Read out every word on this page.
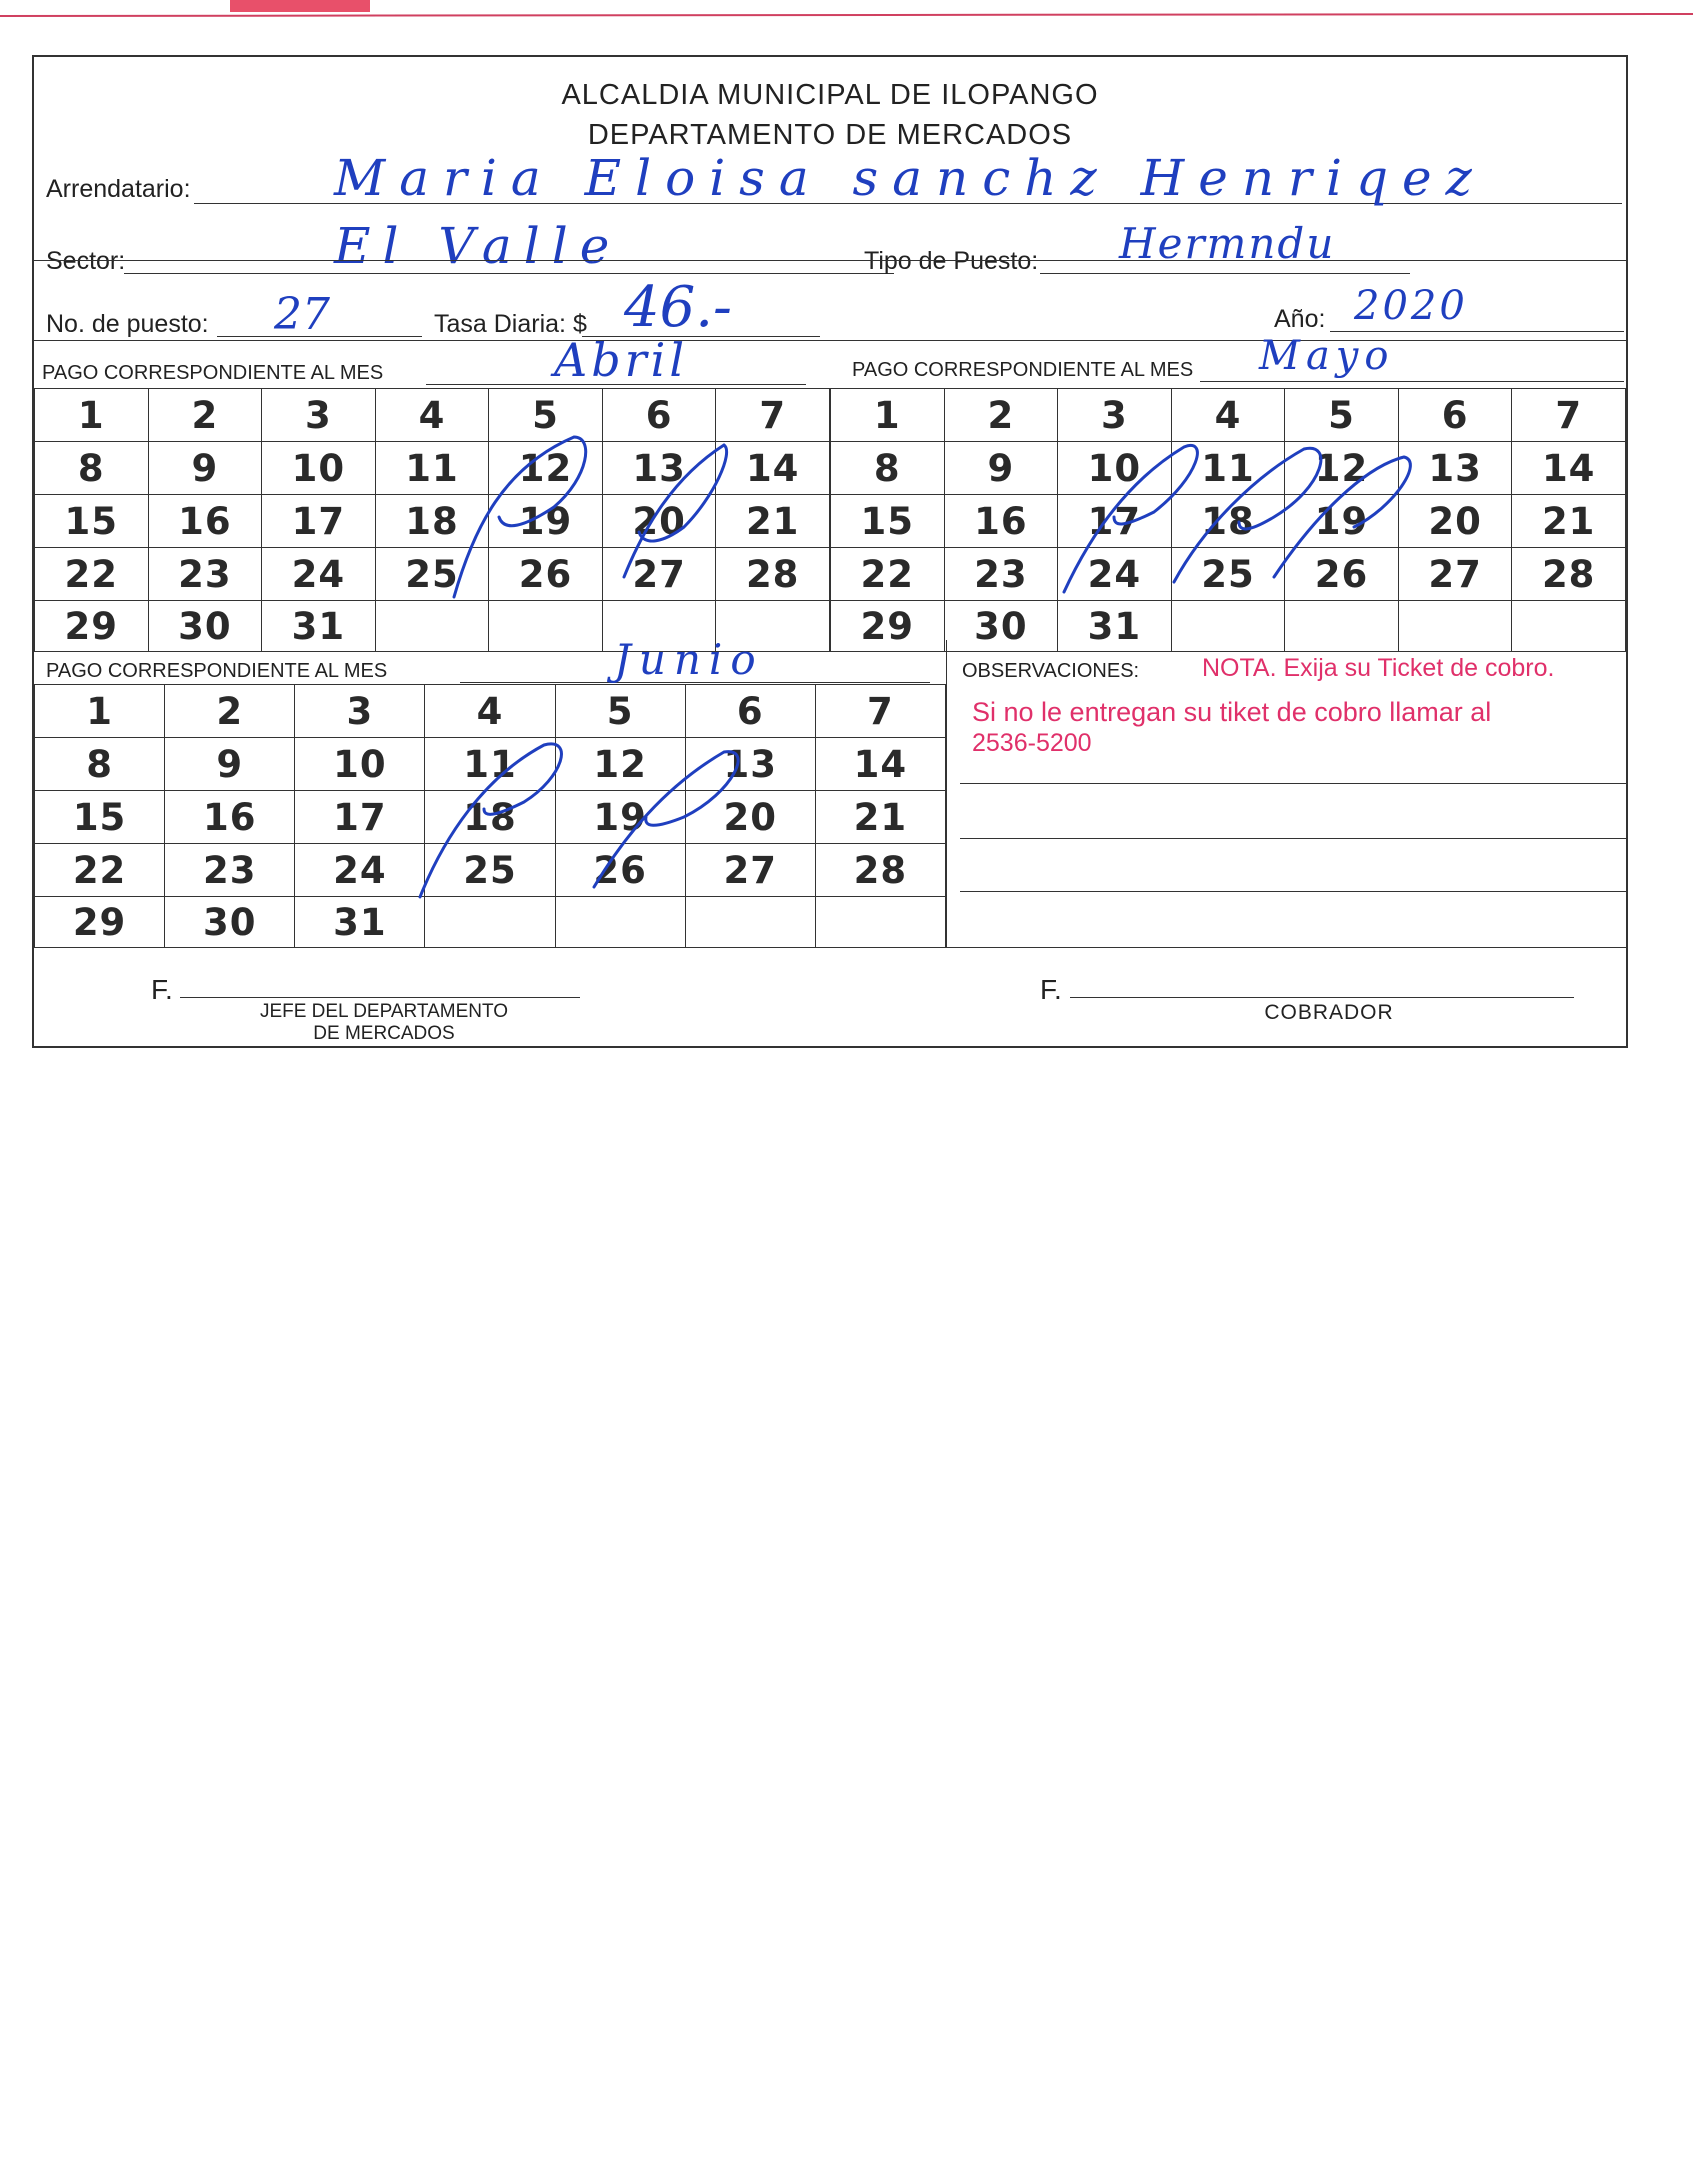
ALCALDIA MUNICIPAL DE ILOPANGO
DEPARTAMENTO DE MERCADOS
Arrendatario:	Maria Eloisa sanchz Henriqez
Sector:	El Valle	Tipo de Puesto: Hermndu
No. de puesto: 27	Tasa Diaria: $ 46.-	Año: 2020
PAGO CORRESPONDIENTE AL MES	Abril	PAGO CORRESPONDIENTE AL MES Mayo
1	2	3	4	5	6	7
8	9	10	11	12	13	14
15	16	17	18	19	20	21
22	23	24	25	26	27	28
29	30	31				
1	2	3	4	5	6	7
8	9	10	11	12	13	14
15	16	17	18	19	20	21
22	23	24	25	26	27	28
29	30	31				
PAGO CORRESPONDIENTE AL MES	Junio	OBSERVACIONES:	NOTA. Exija su Ticket de cobro.
Si no le entregan su tiket de cobro llamar al
2536-5200
1	2	3	4	5	6	7
8	9	10	11	12	13	14
15	16	17	18	19	20	21
22	23	24	25	26	27	28
29	30	31				
F.
JEFE DEL DEPARTAMENTO
DE MERCADOS
F.
COBRADOR
